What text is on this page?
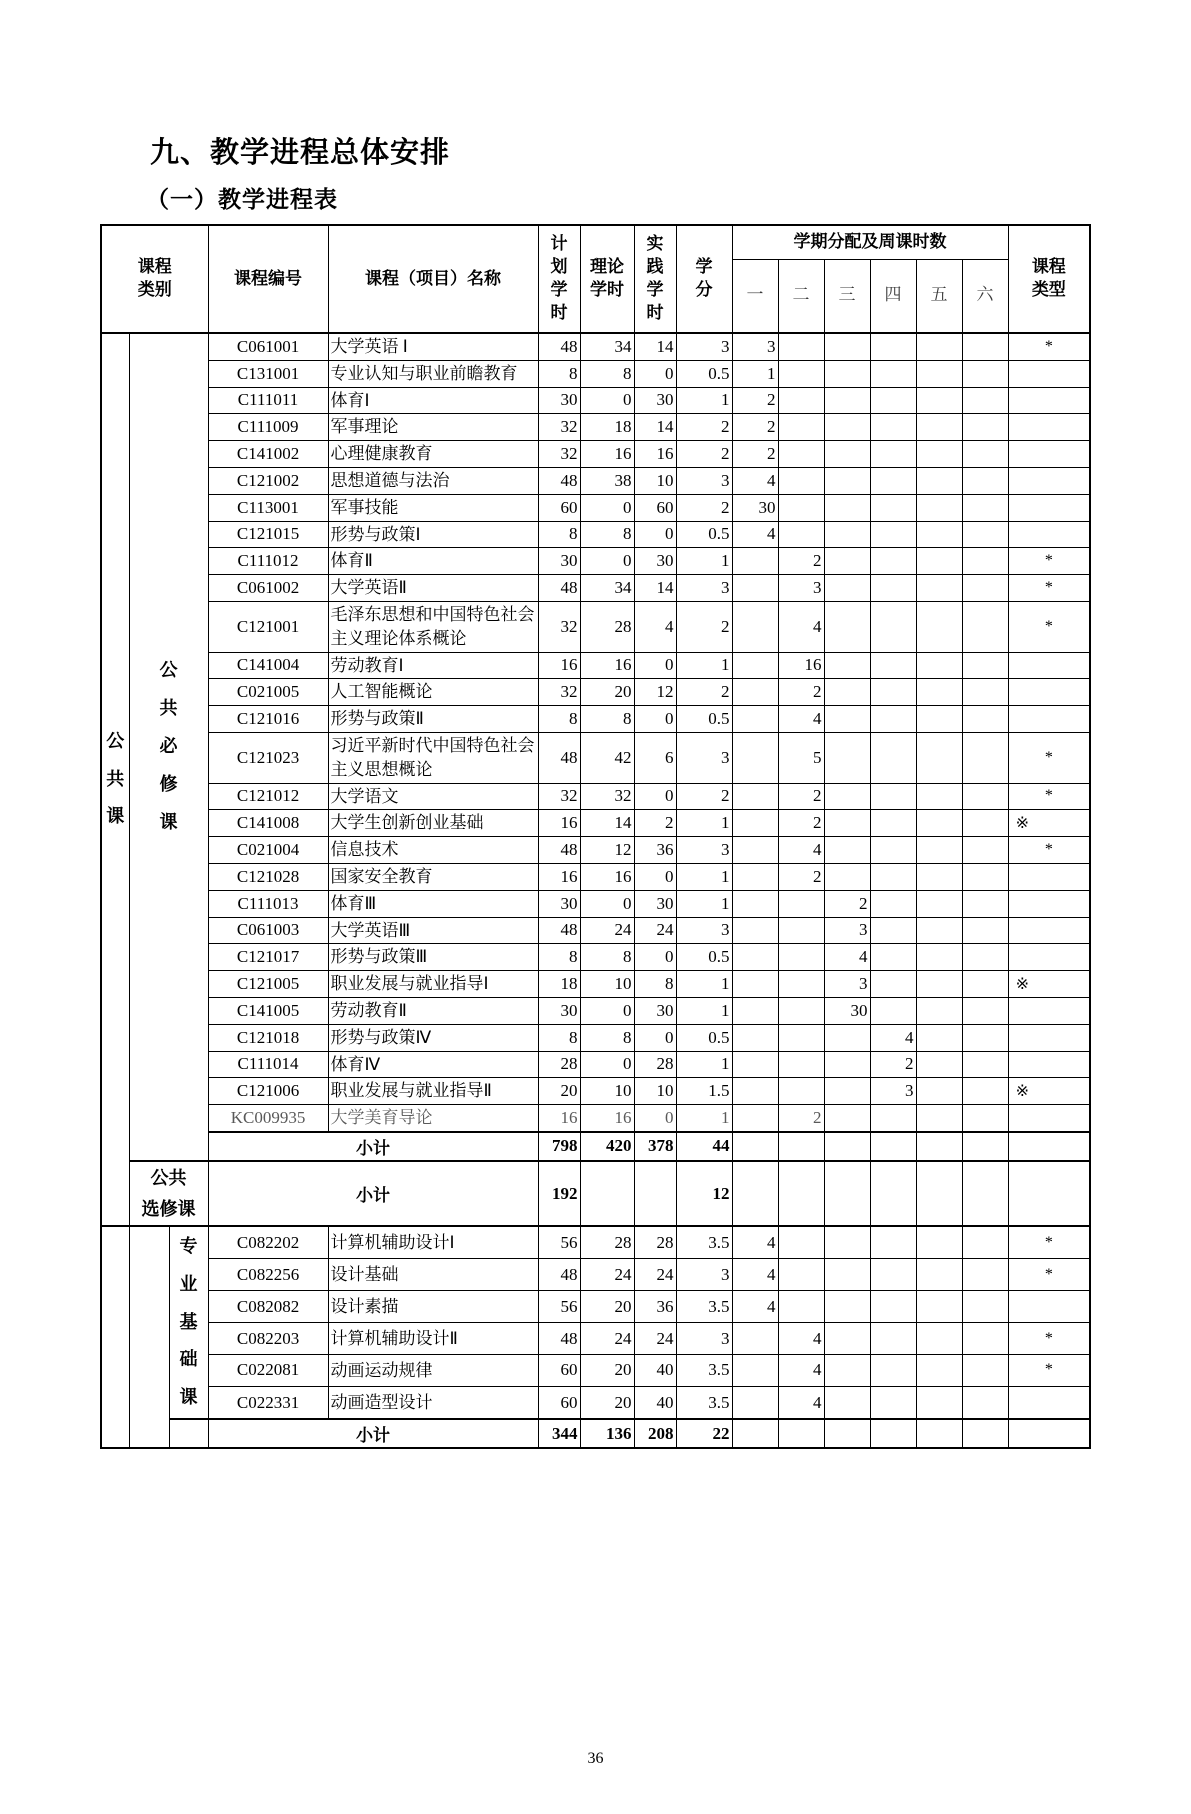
九、教学进程总体安排
（一）教学进程表
课程
类别			课程编号	课程（项目）名称	计
划
学
时	理论
学时	实
践
学
时	学
分	学期分配及周课时数						课程
类型
									一	二	三	四	五	六	

公
共
课	公
共
必
修
课		C061001	大学英语 Ⅰ	48	34	14	3	3						*
			C131001	专业认知与职业前瞻教育	8	8	0	0.5	1						
			C111011	体育Ⅰ	30	0	30	1	2						
			C111009	军事理论	32	18	14	2	2						
			C141002	心理健康教育	32	16	16	2	2						
			C121002	思想道德与法治	48	38	10	3	4						
			C113001	军事技能	60	0	60	2	30						
			C121015	形势与政策Ⅰ	8	8	0	0.5	4						
			C111012	体育Ⅱ	30	0	30	1		2					*
			C061002	大学英语Ⅱ	48	34	14	3		3					*
			C121001	毛泽东思想和中国特色社会主义理论体系概论	32	28	4	2		4					*
			C141004	劳动教育Ⅰ	16	16	0	1		16					
			C021005	人工智能概论	32	20	12	2		2					
			C121016	形势与政策Ⅱ	8	8	0	0.5		4					
			C121023	习近平新时代中国特色社会主义思想概论	48	42	6	3		5					*
			C121012	大学语文	32	32	0	2		2					*
			C141008	大学生创新创业基础	16	14	2	1		2					※
			C021004	信息技术	48	12	36	3		4					*
			C121028	国家安全教育	16	16	0	1		2					
			C111013	体育Ⅲ	30	0	30	1			2				
			C061003	大学英语Ⅲ	48	24	24	3			3				
			C121017	形势与政策Ⅲ	8	8	0	0.5			4				
			C121005	职业发展与就业指导Ⅰ	18	10	8	1			3				※
			C141005	劳动教育Ⅱ	30	0	30	1			30				
			C121018	形势与政策Ⅳ	8	8	0	0.5				4			
			C111014	体育Ⅳ	28	0	28	1				2			
			C121006	职业发展与就业指导Ⅱ	20	10	10	1.5				3			※
			KC009935	大学美育导论	16	16	0	1		2					
			小计		798	420	378	44							
	公共
选修课		小计		192			12							

		专
业
基
础
课	C082202	计算机辅助设计Ⅰ	56	28	28	3.5	4						*
			C082256	设计基础	48	24	24	3	4						*
			C082082	设计素描	56	20	36	3.5	4						
			C082203	计算机辅助设计Ⅱ	48	24	24	3		4					*
			C022081	动画运动规律	60	20	40	3.5		4					*
			C022331	动画造型设计	60	20	40	3.5		4					
			小计		344	136	208	22							
36
